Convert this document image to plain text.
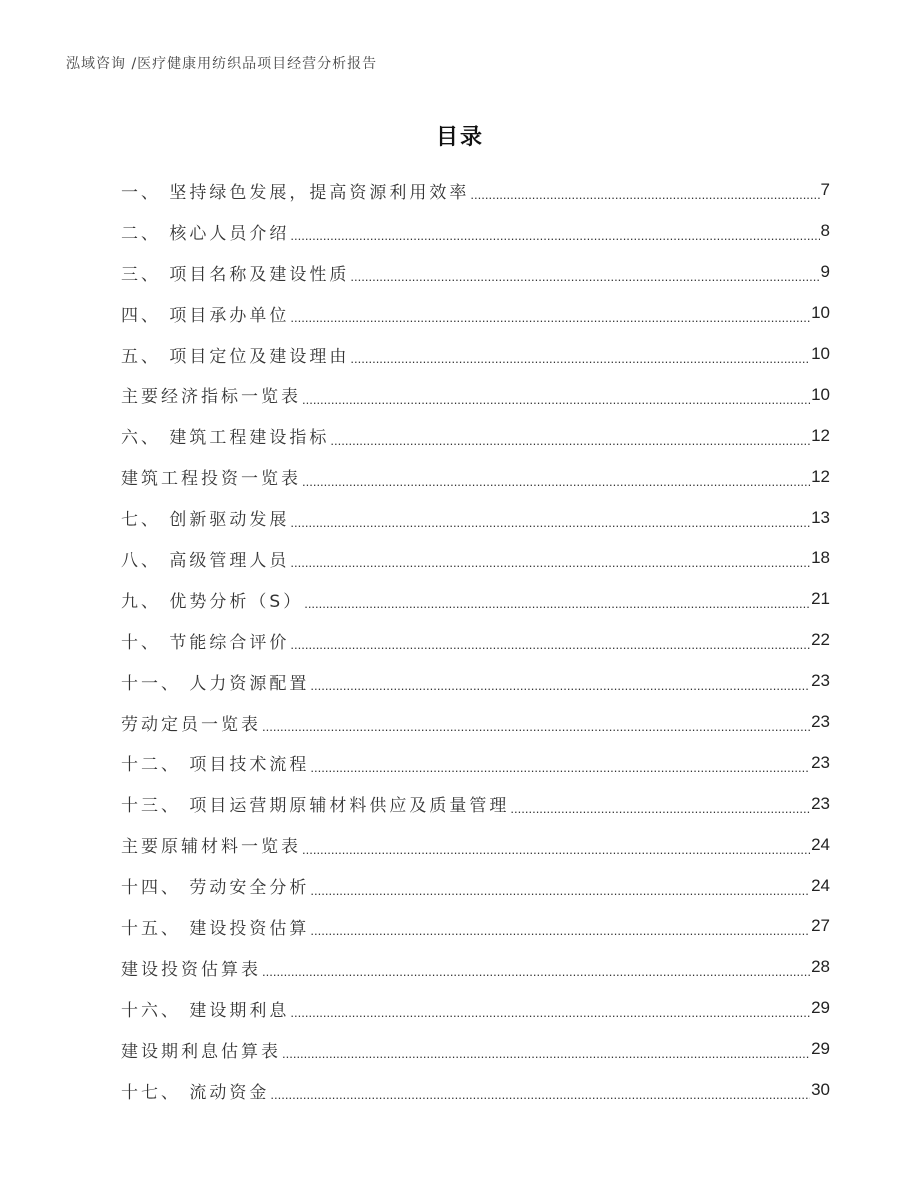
泓域咨询 /医疗健康用纺织品项目经营分析报告
目录
一、 坚持绿色发展，提高资源利用效率 .....	7
二、 核心人员介绍 .....	8
三、 项目名称及建设性质 .....	9
四、 项目承办单位 .....	10
五、 项目定位及建设理由 .....	10
主要经济指标一览表 .....	10
六、 建筑工程建设指标 .....	12
建筑工程投资一览表 .....	12
七、 创新驱动发展 .....	13
八、 高级管理人员 .....	18
九、 优势分析（S） .....	21
十、 节能综合评价 .....	22
十一、 人力资源配置 .....	23
劳动定员一览表 .....	23
十二、 项目技术流程 .....	23
十三、 项目运营期原辅材料供应及质量管理 .....	23
主要原辅材料一览表 .....	24
十四、 劳动安全分析 .....	24
十五、 建设投资估算 .....	27
建设投资估算表 .....	28
十六、 建设期利息 .....	29
建设期利息估算表 .....	29
十七、 流动资金 .....	30
